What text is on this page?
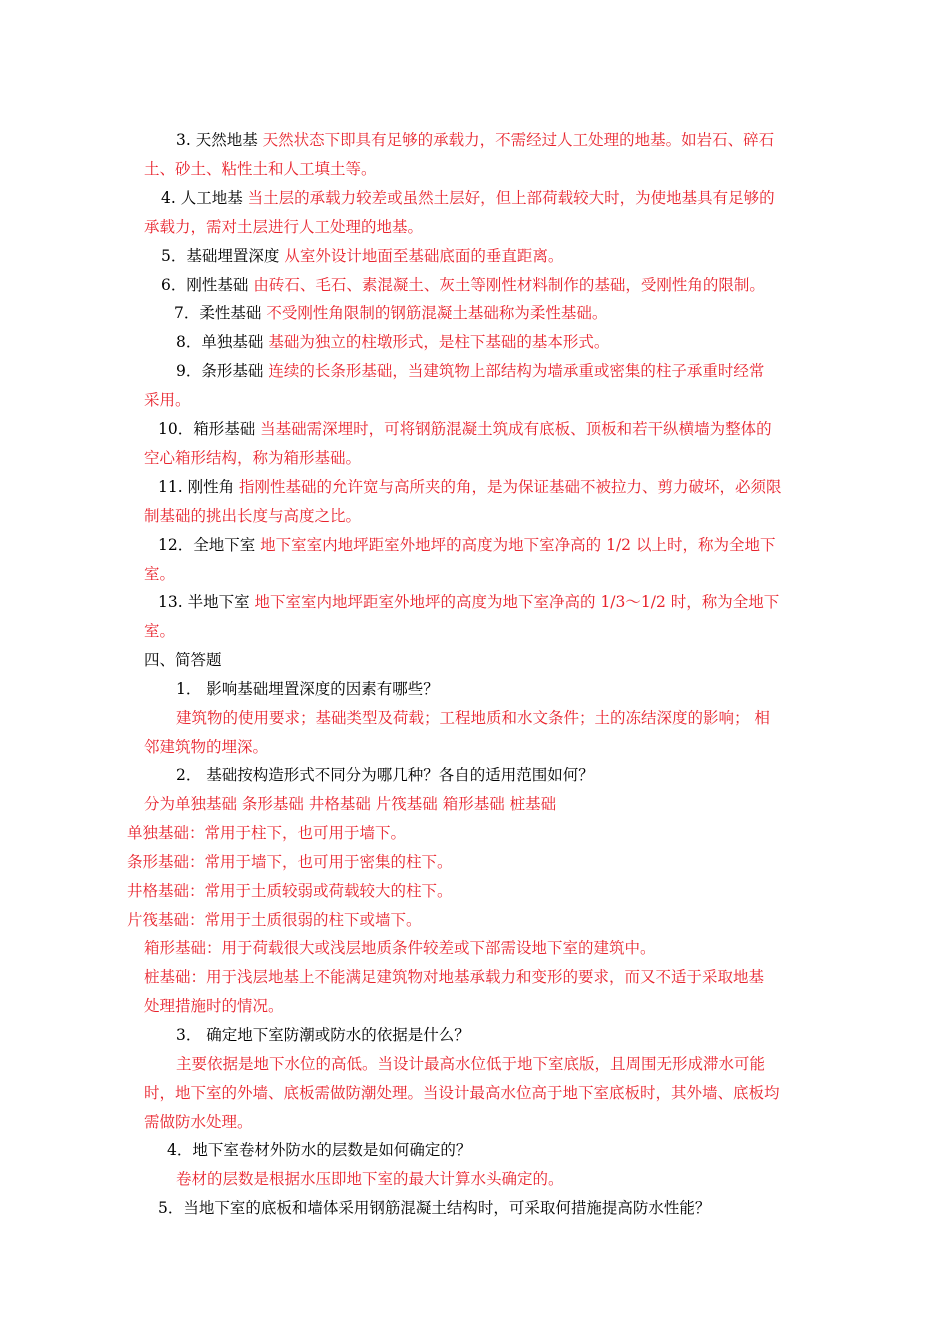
3. 天然地基 天然状态下即具有足够的承载力，不需经过人工处理的地基。如岩石、碎石
土、砂土、粘性土和人工填土等。
4. 人工地基 当土层的承载力较差或虽然土层好，但上部荷载较大时，为使地基具有足够的
承载力，需对土层进行人工处理的地基。
5．基础埋置深度 从室外设计地面至基础底面的垂直距离。
6．刚性基础 由砖石、毛石、素混凝土、灰土等刚性材料制作的基础，受刚性角的限制。
7．柔性基础 不受刚性角限制的钢筋混凝土基础称为柔性基础。
8．单独基础 基础为独立的柱墩形式，是柱下基础的基本形式。
9．条形基础 连续的长条形基础，当建筑物上部结构为墙承重或密集的柱子承重时经常
采用。
10．箱形基础 当基础需深埋时，可将钢筋混凝土筑成有底板、顶板和若干纵横墙为整体的
空心箱形结构，称为箱形基础。
11. 刚性角 指刚性基础的允许宽与高所夹的角，是为保证基础不被拉力、剪力破坏，必须限
制基础的挑出长度与高度之比。
12．全地下室 地下室室内地坪距室外地坪的高度为地下室净高的 1/2 以上时，称为全地下
室。
13. 半地下室 地下室室内地坪距室外地坪的高度为地下室净高的 1/3～1/2 时，称为全地下
室。
四、简答题
1． 影响基础埋置深度的因素有哪些？
建筑物的使用要求；基础类型及荷载；工程地质和水文条件；土的冻结深度的影响； 相
邻建筑物的埋深。
2． 基础按构造形式不同分为哪几种？各自的适用范围如何？
分为单独基础 条形基础 井格基础 片筏基础 箱形基础 桩基础
单独基础：常用于柱下，也可用于墙下。
条形基础：常用于墙下，也可用于密集的柱下。
井格基础：常用于土质较弱或荷载较大的柱下。
片筏基础：常用于土质很弱的柱下或墙下。
箱形基础：用于荷载很大或浅层地质条件较差或下部需设地下室的建筑中。
桩基础：用于浅层地基上不能满足建筑物对地基承载力和变形的要求，而又不适于采取地基
处理措施时的情况。
3． 确定地下室防潮或防水的依据是什么？
主要依据是地下水位的高低。当设计最高水位低于地下室底版，且周围无形成滞水可能
时，地下室的外墙、底板需做防潮处理。当设计最高水位高于地下室底板时，其外墙、底板均
需做防水处理。
4．地下室卷材外防水的层数是如何确定的？
卷材的层数是根据水压即地下室的最大计算水头确定的。
5．当地下室的底板和墙体采用钢筋混凝土结构时，可采取何措施提高防水性能？
